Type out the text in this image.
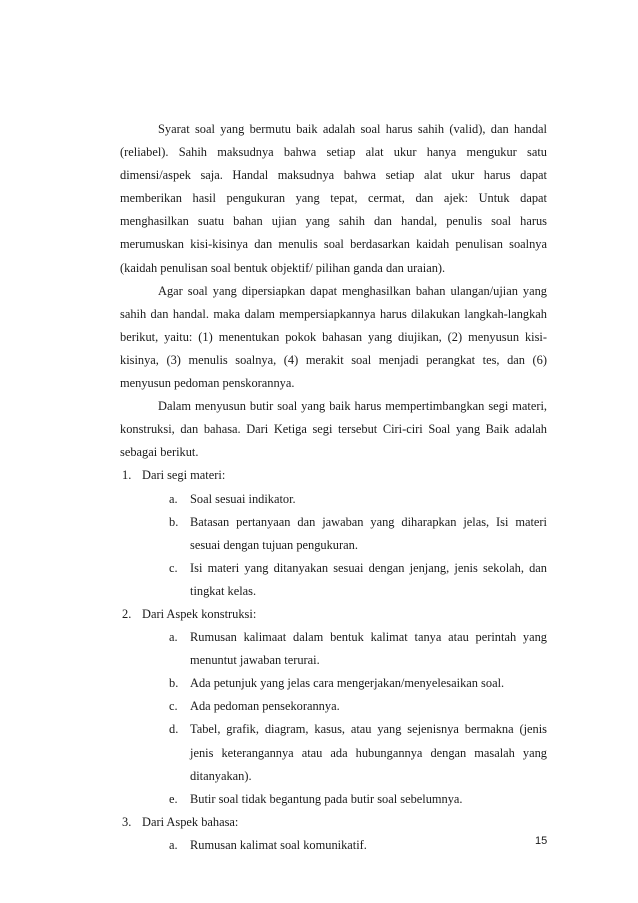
Syarat soal yang bermutu baik adalah soal harus sahih (valid), dan handal (reliabel). Sahih maksudnya bahwa setiap alat ukur hanya mengukur satu dimensi/aspek saja. Handal maksudnya bahwa setiap alat ukur harus dapat memberikan hasil pengukuran yang tepat, cermat, dan ajek: Untuk dapat menghasilkan suatu bahan ujian yang sahih dan handal, penulis soal harus merumuskan kisi-kisinya dan menulis soal berdasarkan kaidah penulisan soalnya (kaidah penulisan soal bentuk objektif/ pilihan ganda dan uraian).

Agar soal yang dipersiapkan dapat menghasilkan bahan ulangan/ujian yang sahih dan handal. maka dalam mempersiapkannya harus dilakukan langkah-langkah berikut, yaitu: (1) menentukan pokok bahasan yang diujikan, (2) menyusun kisi-kisinya, (3) menulis soalnya, (4) merakit soal menjadi perangkat tes, dan (6) menyusun pedoman penskorannya.

Dalam menyusun butir soal yang baik harus mempertimbangkan segi materi, konstruksi, dan bahasa. Dari Ketiga segi tersebut Ciri-ciri Soal yang Baik adalah sebagai berikut.

1. Dari segi materi:
a. Soal sesuai indikator.
b. Batasan pertanyaan dan jawaban yang diharapkan jelas, Isi materi sesuai dengan tujuan pengukuran.
c. Isi materi yang ditanyakan sesuai dengan jenjang, jenis sekolah, dan tingkat kelas.
2. Dari Aspek konstruksi:
a. Rumusan kalimaat dalam bentuk kalimat tanya atau perintah yang menuntut jawaban terurai.
b. Ada petunjuk yang jelas cara mengerjakan/menyelesaikan soal.
c. Ada pedoman pensekorannya.
d. Tabel, grafik, diagram, kasus, atau yang sejenisnya bermakna (jenis jenis keterangannya atau ada hubungannya dengan masalah yang ditanyakan).
e. Butir soal tidak begantung pada butir soal sebelumnya.
3. Dari Aspek bahasa:
a. Rumusan kalimat soal komunikatif.	15
